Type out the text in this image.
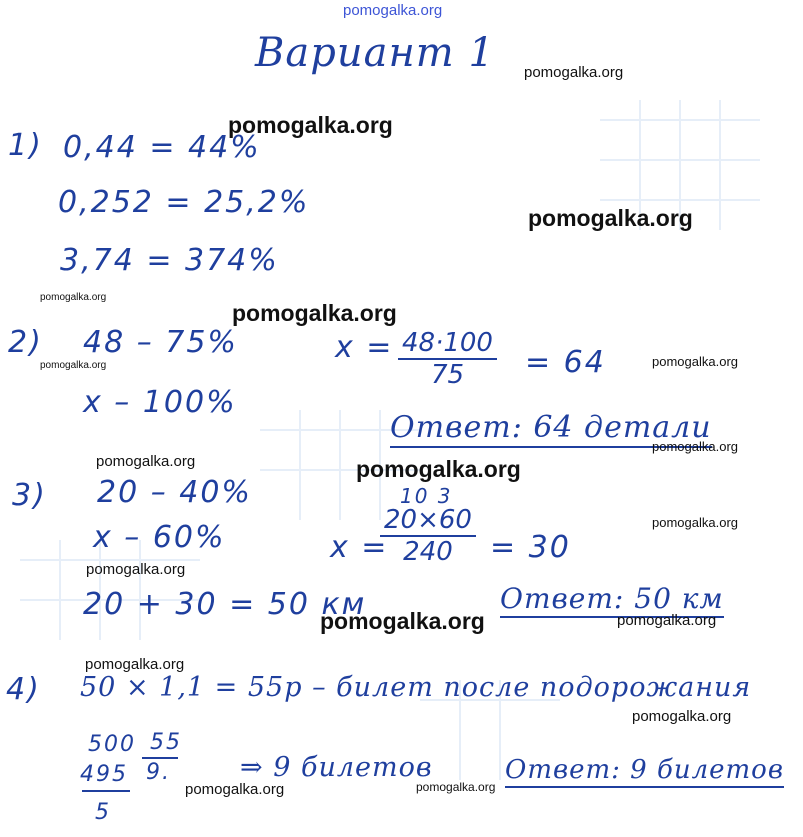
pomogalka.org
Вариант 1
1) 0,44 = 44%
0,252 = 25,2%
3,74 = 374%
2) 48 – 75%
x – 100%
$x = \frac{48\cdot 100}{75} = 64$
Ответ: 64 детали
3) 20 – 40%
x – 60%
10 3
x =
$\frac{20\times 60}{240} = 30$
20 + 30 = 50 км	Ответ: 50 км
4) 50 × 1,1 = 55р – билет после подорожания
500 55
495 9.
5
⇒ 9 билетов	Ответ: 9 билетов
pomogalka.org
pomogalka.org
pomogalka.org
pomogalka.org
pomogalka.org
pomogalka.org	pomogalka.org
pomogalka.org
pomogalka.org	pomogalka.org
pomogalka.org
pomogalka.org
pomogalka.org	pomogalka.org
pomogalka.org
pomogalka.org
pomogalka.org	pomogalka.org
